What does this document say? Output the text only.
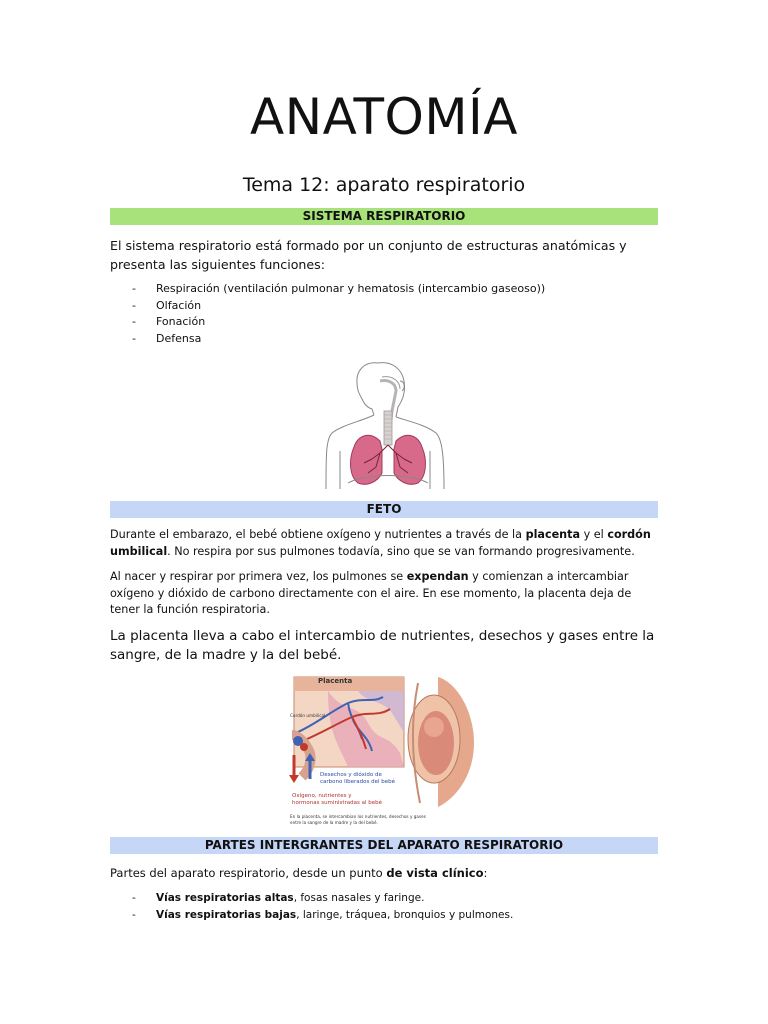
ANATOMÍA
Tema 12: aparato respiratorio
SISTEMA RESPIRATORIO
El sistema respiratorio está formado por un conjunto de estructuras anatómicas y presenta las siguientes funciones:
- Respiración (ventilación pulmonar y hematosis (intercambio gaseoso))
- Olfación
- Fonación
- Defensa
FETO
Durante el embarazo, el bebé obtiene oxígeno y nutrientes a través de la placenta y el cordón umbilical. No respira por sus pulmones todavía, sino que se van formando progresivamente.
Al nacer y respirar por primera vez, los pulmones se expendan y comienzan a intercambiar oxígeno y dióxido de carbono directamente con el aire. En ese momento, la placenta deja de tener la función respiratoria.
La placenta lleva a cabo el intercambio de nutrientes, desechos y gases entre la sangre, de la madre y la del bebé.
Placenta
Cordón umbilical
Desechos y dióxido de
carbono liberados del bebé
Oxígeno, nutrientes y
hormonas suministradas al bebé
En la placenta, se intercambian los nutrientes, desechos y gases
entre la sangre de la madre y la del bebé.
PARTES INTERGRANTES DEL APARATO RESPIRATORIO
Partes del aparato respiratorio, desde un punto de vista clínico:
- Vías respiratorias altas, fosas nasales y faringe.
- Vías respiratorias bajas, laringe, tráquea, bronquios y pulmones.
